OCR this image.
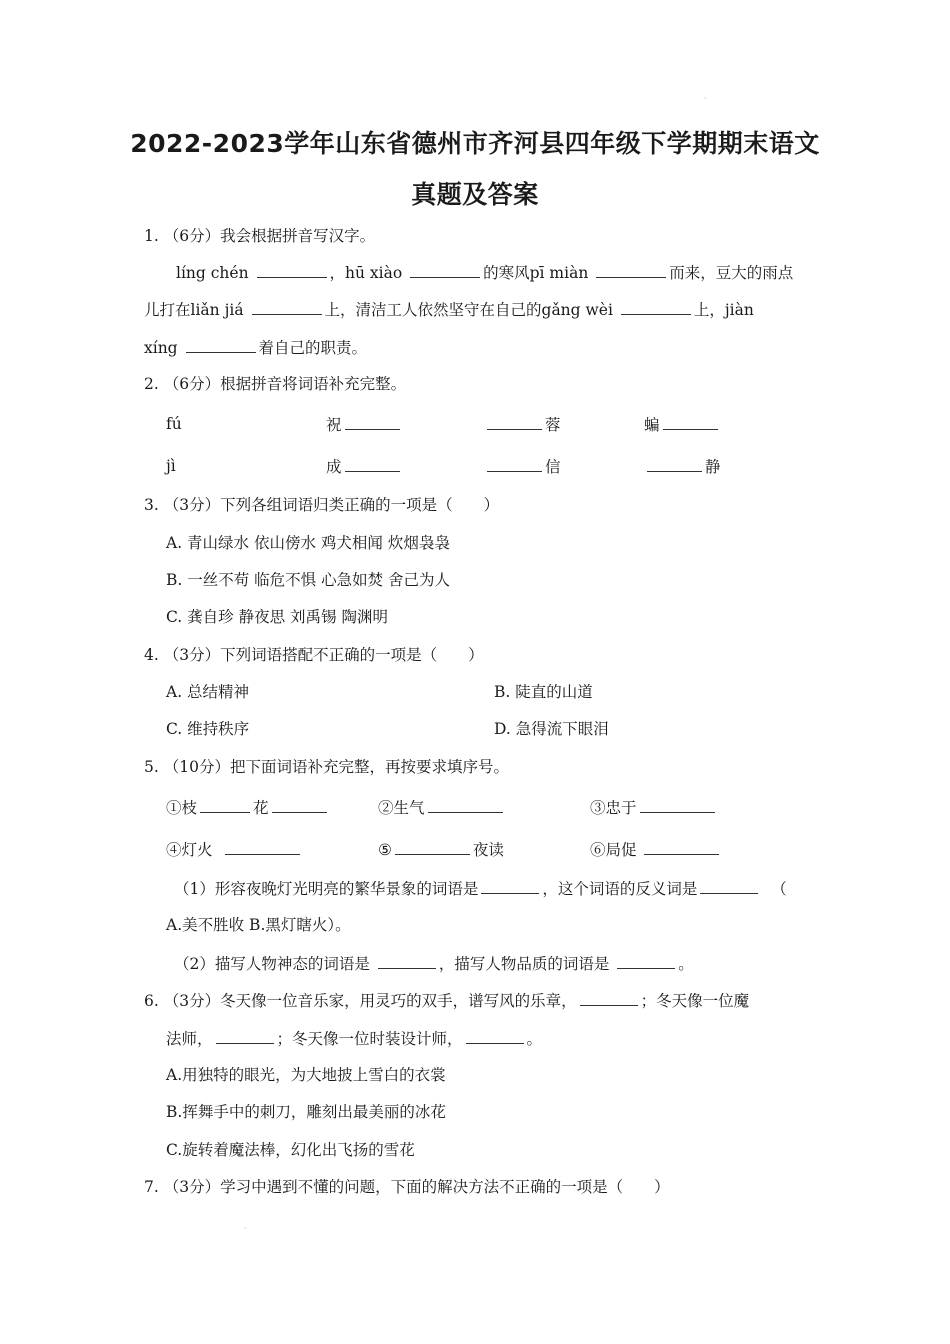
·
2022-2023学年山东省德州市齐河县四年级下学期期末语文
真题及答案
1. （6分）我会根据拼音写汉字。
líng chén	，hū xiào	的寒风pī miàn	而来，豆大的雨点
儿打在liǎn jiá	上，清洁工人依然坚守在自己的gǎng wèi	上，jiàn
xíng	着自己的职责。
2. （6分）根据拼音将词语补充完整。
fú	祝	蓉	蝙
jì	成	信	静
3. （3分）下列各组词语归类正确的一项是（　　）
A. 青山绿水 依山傍水 鸡犬相闻 炊烟袅袅
B. 一丝不苟 临危不惧 心急如焚 舍己为人
C. 龚自珍 静夜思 刘禹锡 陶渊明
4. （3分）下列词语搭配不正确的一项是（　　）
A. 总结精神	B. 陡直的山道
C. 维持秩序	D. 急得流下眼泪
5. （10分）把下面词语补充完整，再按要求填序号。
①枝	花	②生气	③忠于
④灯火	⑤	夜读	⑥局促
（1）形容夜晚灯光明亮的繁华景象的词语是	，这个词语的反义词是	（
A.美不胜收 B.黑灯瞎火）。
（2）描写人物神态的词语是	，描写人物品质的词语是	。
6. （3分）冬天像一位音乐家，用灵巧的双手，谱写风的乐章，	；冬天像一位魔
法师，	；冬天像一位时装设计师，	。
A.用独特的眼光，为大地披上雪白的衣裳
B.挥舞手中的刺刀，雕刻出最美丽的冰花
C.旋转着魔法棒，幻化出飞扬的雪花
7. （3分）学习中遇到不懂的问题，下面的解决方法不正确的一项是（　　）
·
